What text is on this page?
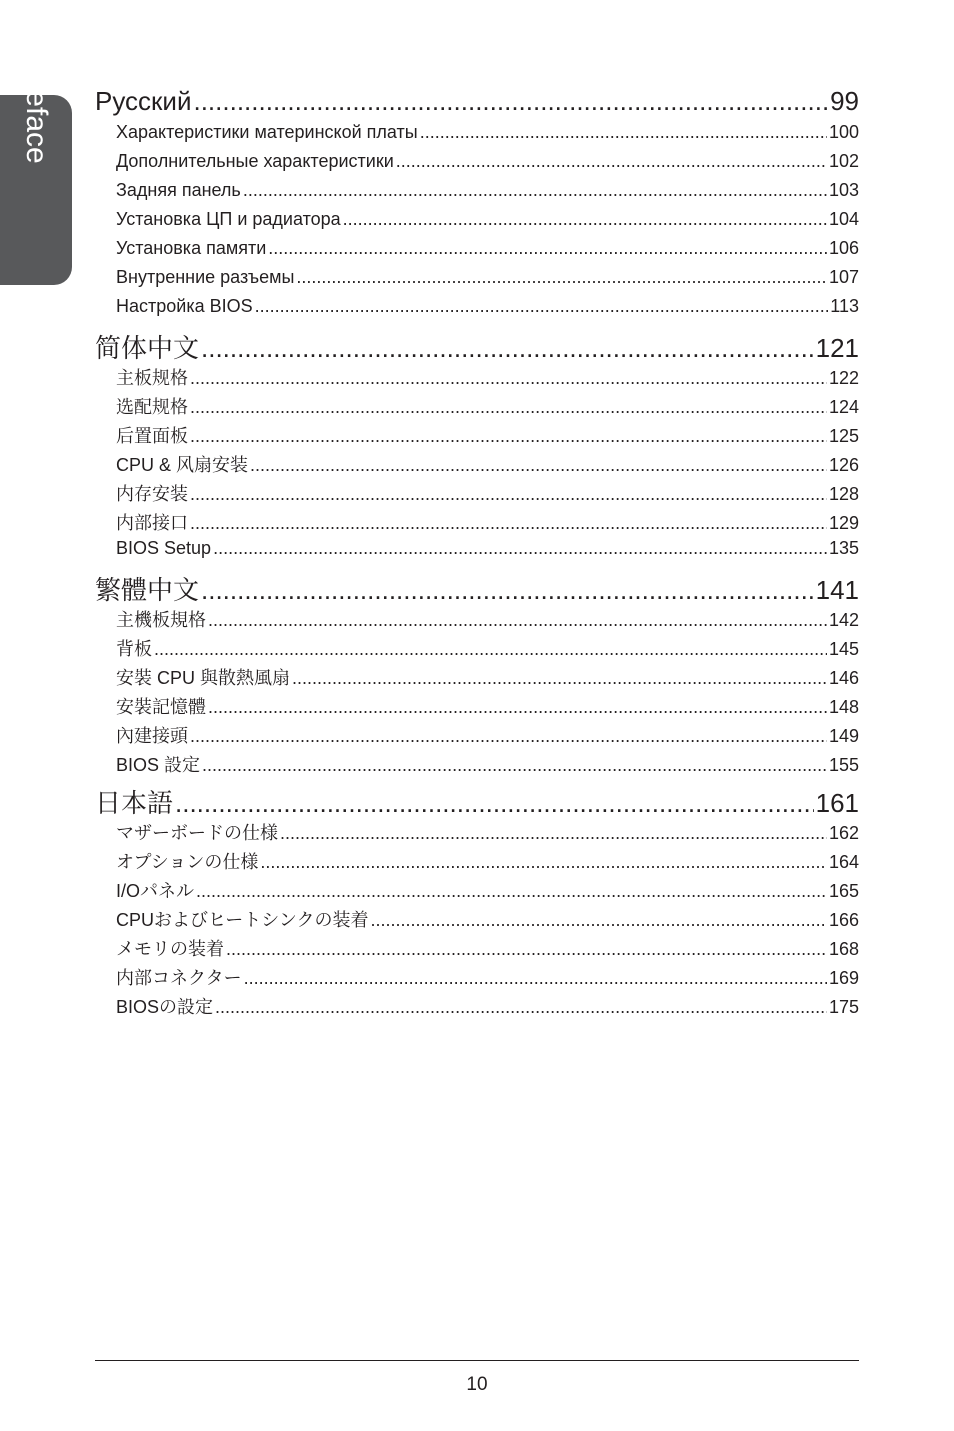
Preface Русский .....	99
Характеристики материнской платы .....	100
Дополнительные характеристики .....	102
Задняя панель .....	103
Установка ЦП и радиатора .....	104
Установка памяти .....	106
Внутренние разъемы .....	107
Настройка BIOS .....	113
简体中文 .....	121
主板规格 .....	122
选配规格 .....	124
后置面板 .....	125
CPU & 风扇安装 .....	126
内存安装 .....	128
内部接口 .....	129
BIOS Setup .....	135
繁體中文 .....	141
主機板規格 .....	142
背板 .....	145
安裝 CPU 與散熱風扇 .....	146
安裝記憶體 .....	148
內建接頭 .....	149
BIOS 設定 .....	155
日本語 .....	161
マザーボードの仕様 .....	162
オプションの仕様 .....	164
I/Oパネル .....	165
CPUおよびヒートシンクの装着 .....	166
メモリの装着 .....	168
内部コネクター .....	169
BIOSの設定 .....	175
10
